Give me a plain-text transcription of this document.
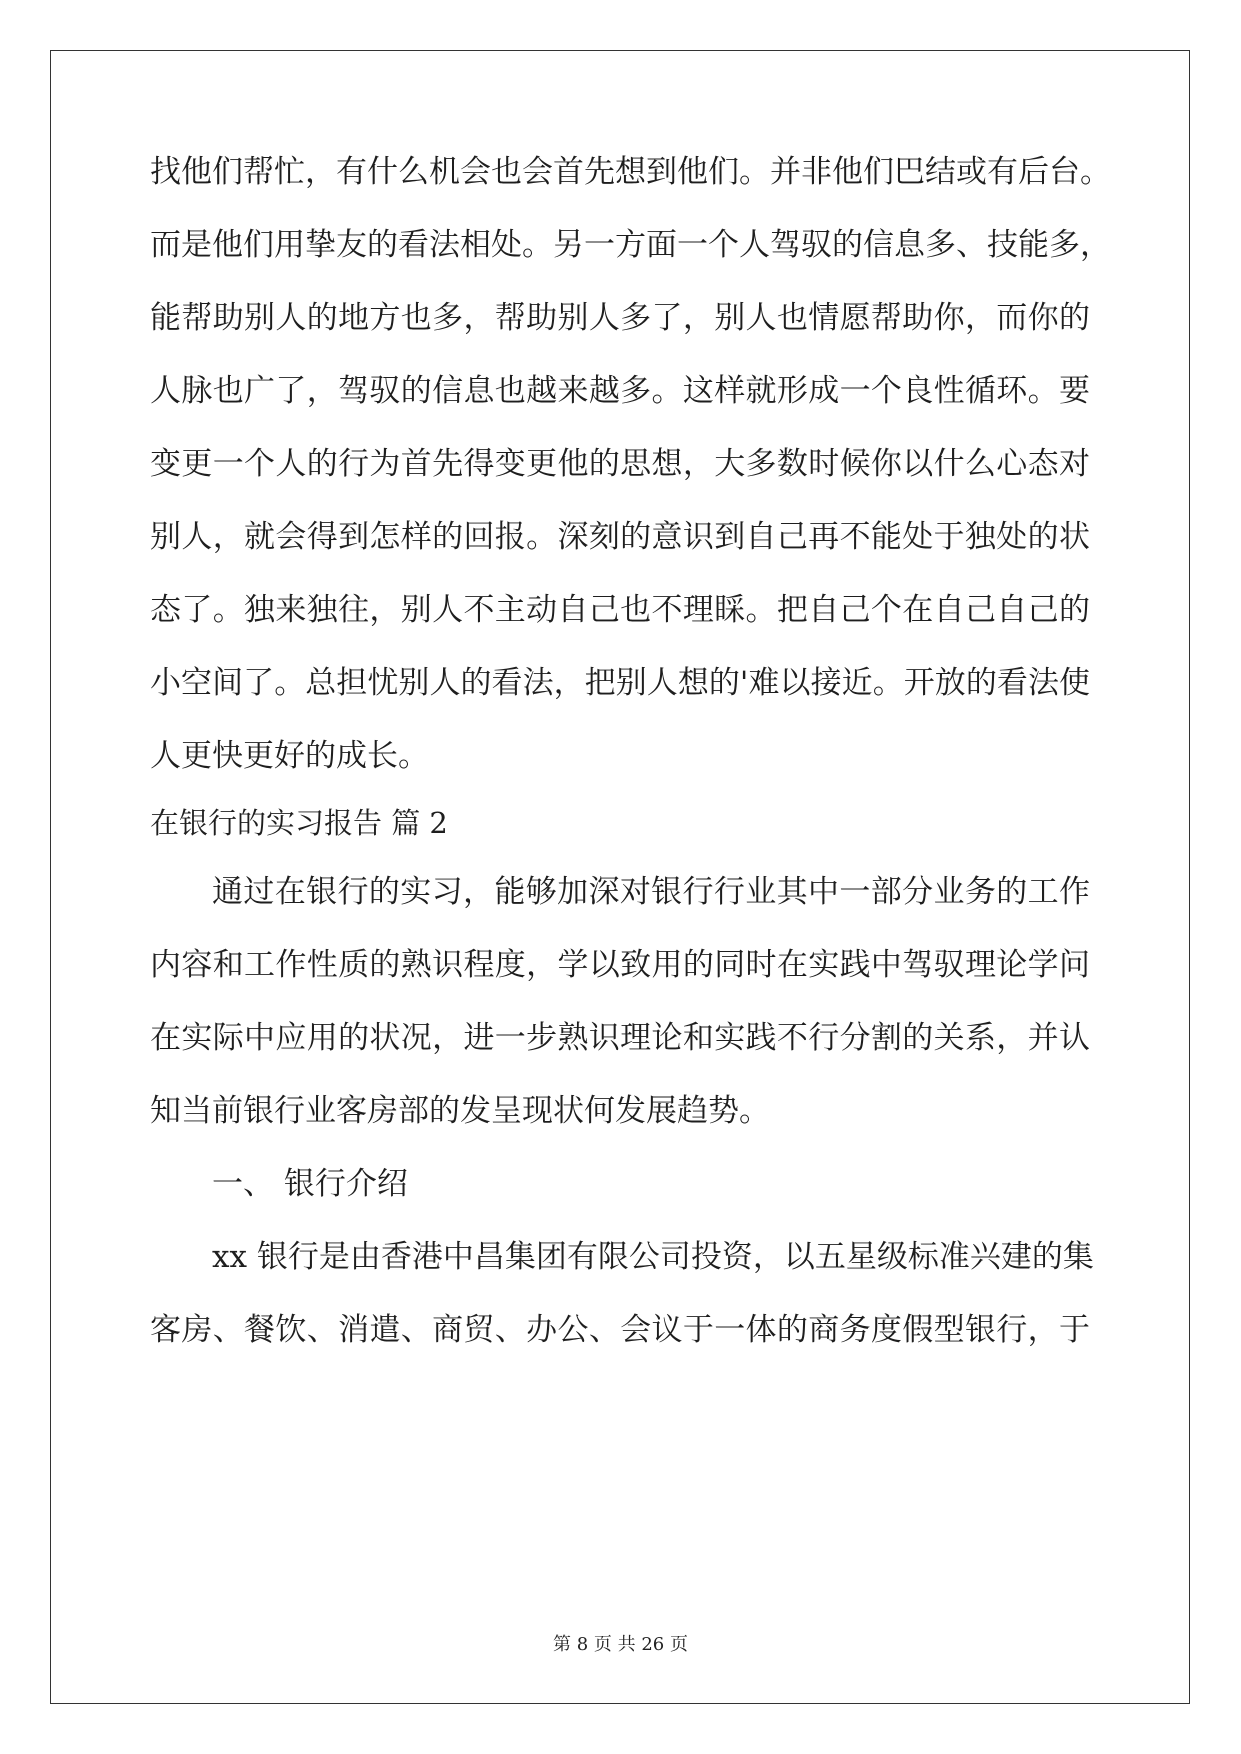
找他们帮忙，有什么机会也会首先想到他们。并非他们巴结或有后台。
而是他们用挚友的看法相处。另一方面一个人驾驭的信息多、技能多，
能帮助别人的地方也多，帮助别人多了，别人也情愿帮助你，而你的
人脉也广了，驾驭的信息也越来越多。这样就形成一个良性循环。要
变更一个人的行为首先得变更他的思想，大多数时候你以什么心态对
别人，就会得到怎样的回报。深刻的意识到自己再不能处于独处的状
态了。独来独往，别人不主动自己也不理睬。把自己个在自己自己的
小空间了。总担忧别人的看法，把别人想的'难以接近。开放的看法使
人更快更好的成长。
在银行的实习报告 篇 2
通过在银行的实习，能够加深对银行行业其中一部分业务的工作
内容和工作性质的熟识程度，学以致用的同时在实践中驾驭理论学问
在实际中应用的状况，进一步熟识理论和实践不行分割的关系，并认
知当前银行业客房部的发呈现状何发展趋势。
一、 银行介绍
xx 银行是由香港中昌集团有限公司投资，以五星级标准兴建的集
客房、餐饮、消遣、商贸、办公、会议于一体的商务度假型银行，于
第 8 页 共 26 页
